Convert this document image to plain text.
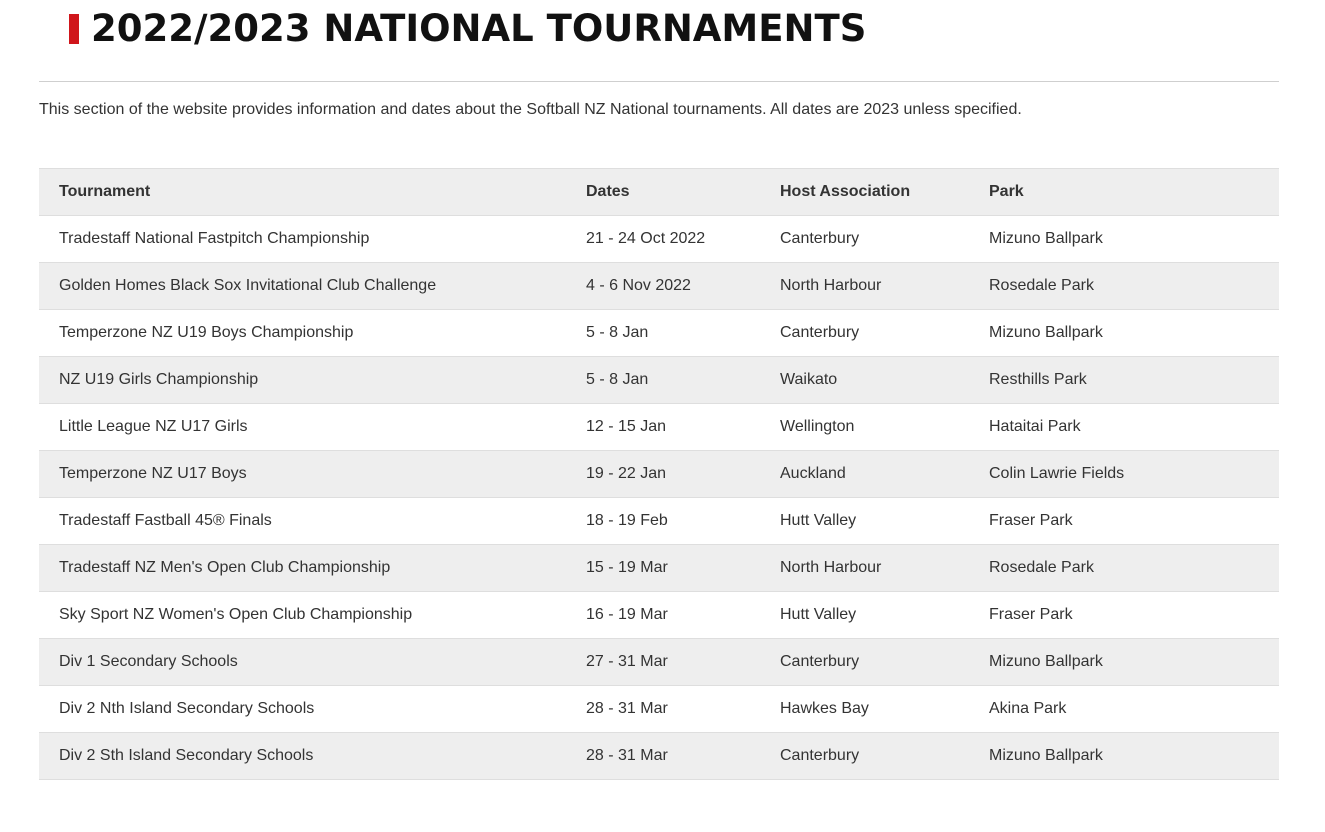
2022/2023 NATIONAL TOURNAMENTS

This section of the website provides information and dates about the Softball NZ National tournaments. All dates are 2023 unless specified.

Tournament	Dates	Host Association	Park
Tradestaff National Fastpitch Championship	21 - 24 Oct 2022	Canterbury	Mizuno Ballpark
Golden Homes Black Sox Invitational Club Challenge	4 - 6 Nov 2022	North Harbour	Rosedale Park
Temperzone NZ U19 Boys Championship	5 - 8 Jan	Canterbury	Mizuno Ballpark
NZ U19 Girls Championship	5 - 8 Jan	Waikato	Resthills Park
Little League NZ U17 Girls	12 - 15 Jan	Wellington	Hataitai Park
Temperzone NZ U17 Boys	19 - 22 Jan	Auckland	Colin Lawrie Fields
Tradestaff Fastball 45® Finals	18 - 19 Feb	Hutt Valley	Fraser Park
Tradestaff NZ Men's Open Club Championship	15 - 19 Mar	North Harbour	Rosedale Park
Sky Sport NZ Women's Open Club Championship	16 - 19 Mar	Hutt Valley	Fraser Park
Div 1 Secondary Schools	27 - 31 Mar	Canterbury	Mizuno Ballpark
Div 2 Nth Island Secondary Schools	28 - 31 Mar	Hawkes Bay	Akina Park
Div 2 Sth Island Secondary Schools	28 - 31 Mar	Canterbury	Mizuno Ballpark
